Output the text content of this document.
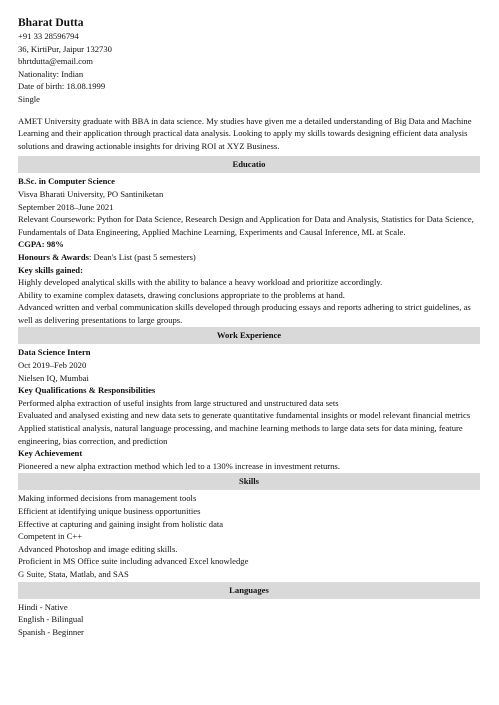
Bharat Dutta
+91 33 28596794
36, KirtiPur, Jaipur 132730
bhrtdutta@email.com
Nationality: Indian
Date of birth: 18.08.1999
Single
AMET University graduate with BBA in data science. My studies have given me a detailed understanding of Big Data and Machine Learning and their application through practical data analysis. Looking to apply my skills towards designing efficient data analysis solutions and drawing actionable insights for driving ROI at XYZ Business.
Educatio
B.Sc. in Computer Science
Visva Bharati University, PO Santiniketan
September 2018–June 2021
Relevant Coursework: Python for Data Science, Research Design and Application for Data and Analysis, Statistics for Data Science, Fundamentals of Data Engineering, Applied Machine Learning, Experiments and Causal Inference, ML at Scale.
CGPA: 98%
Honours & Awards: Dean's List (past 5 semesters)
Key skills gained:
Highly developed analytical skills with the ability to balance a heavy workload and prioritize accordingly.
Ability to examine complex datasets, drawing conclusions appropriate to the problems at hand.
Advanced written and verbal communication skills developed through producing essays and reports adhering to strict guidelines, as well as delivering presentations to large groups.
Work Experience
Data Science Intern
Oct 2019–Feb 2020
Nielsen IQ, Mumbai
Key Qualifications & Responsibilities
Performed alpha extraction of useful insights from large structured and unstructured data sets
Evaluated and analysed existing and new data sets to generate quantitative fundamental insights or model relevant financial metrics
Applied statistical analysis, natural language processing, and machine learning methods to large data sets for data mining, feature engineering, bias correction, and prediction
Key Achievement
Pioneered a new alpha extraction method which led to a 130% increase in investment returns.
Skills
Making informed decisions from management tools
Efficient at identifying unique business opportunities
Effective at capturing and gaining insight from holistic data
Competent in C++
Advanced Photoshop and image editing skills.
Proficient in MS Office suite including advanced Excel knowledge
G Suite, Stata, Matlab, and SAS
Languages
Hindi - Native
English - Bilingual
Spanish - Beginner
